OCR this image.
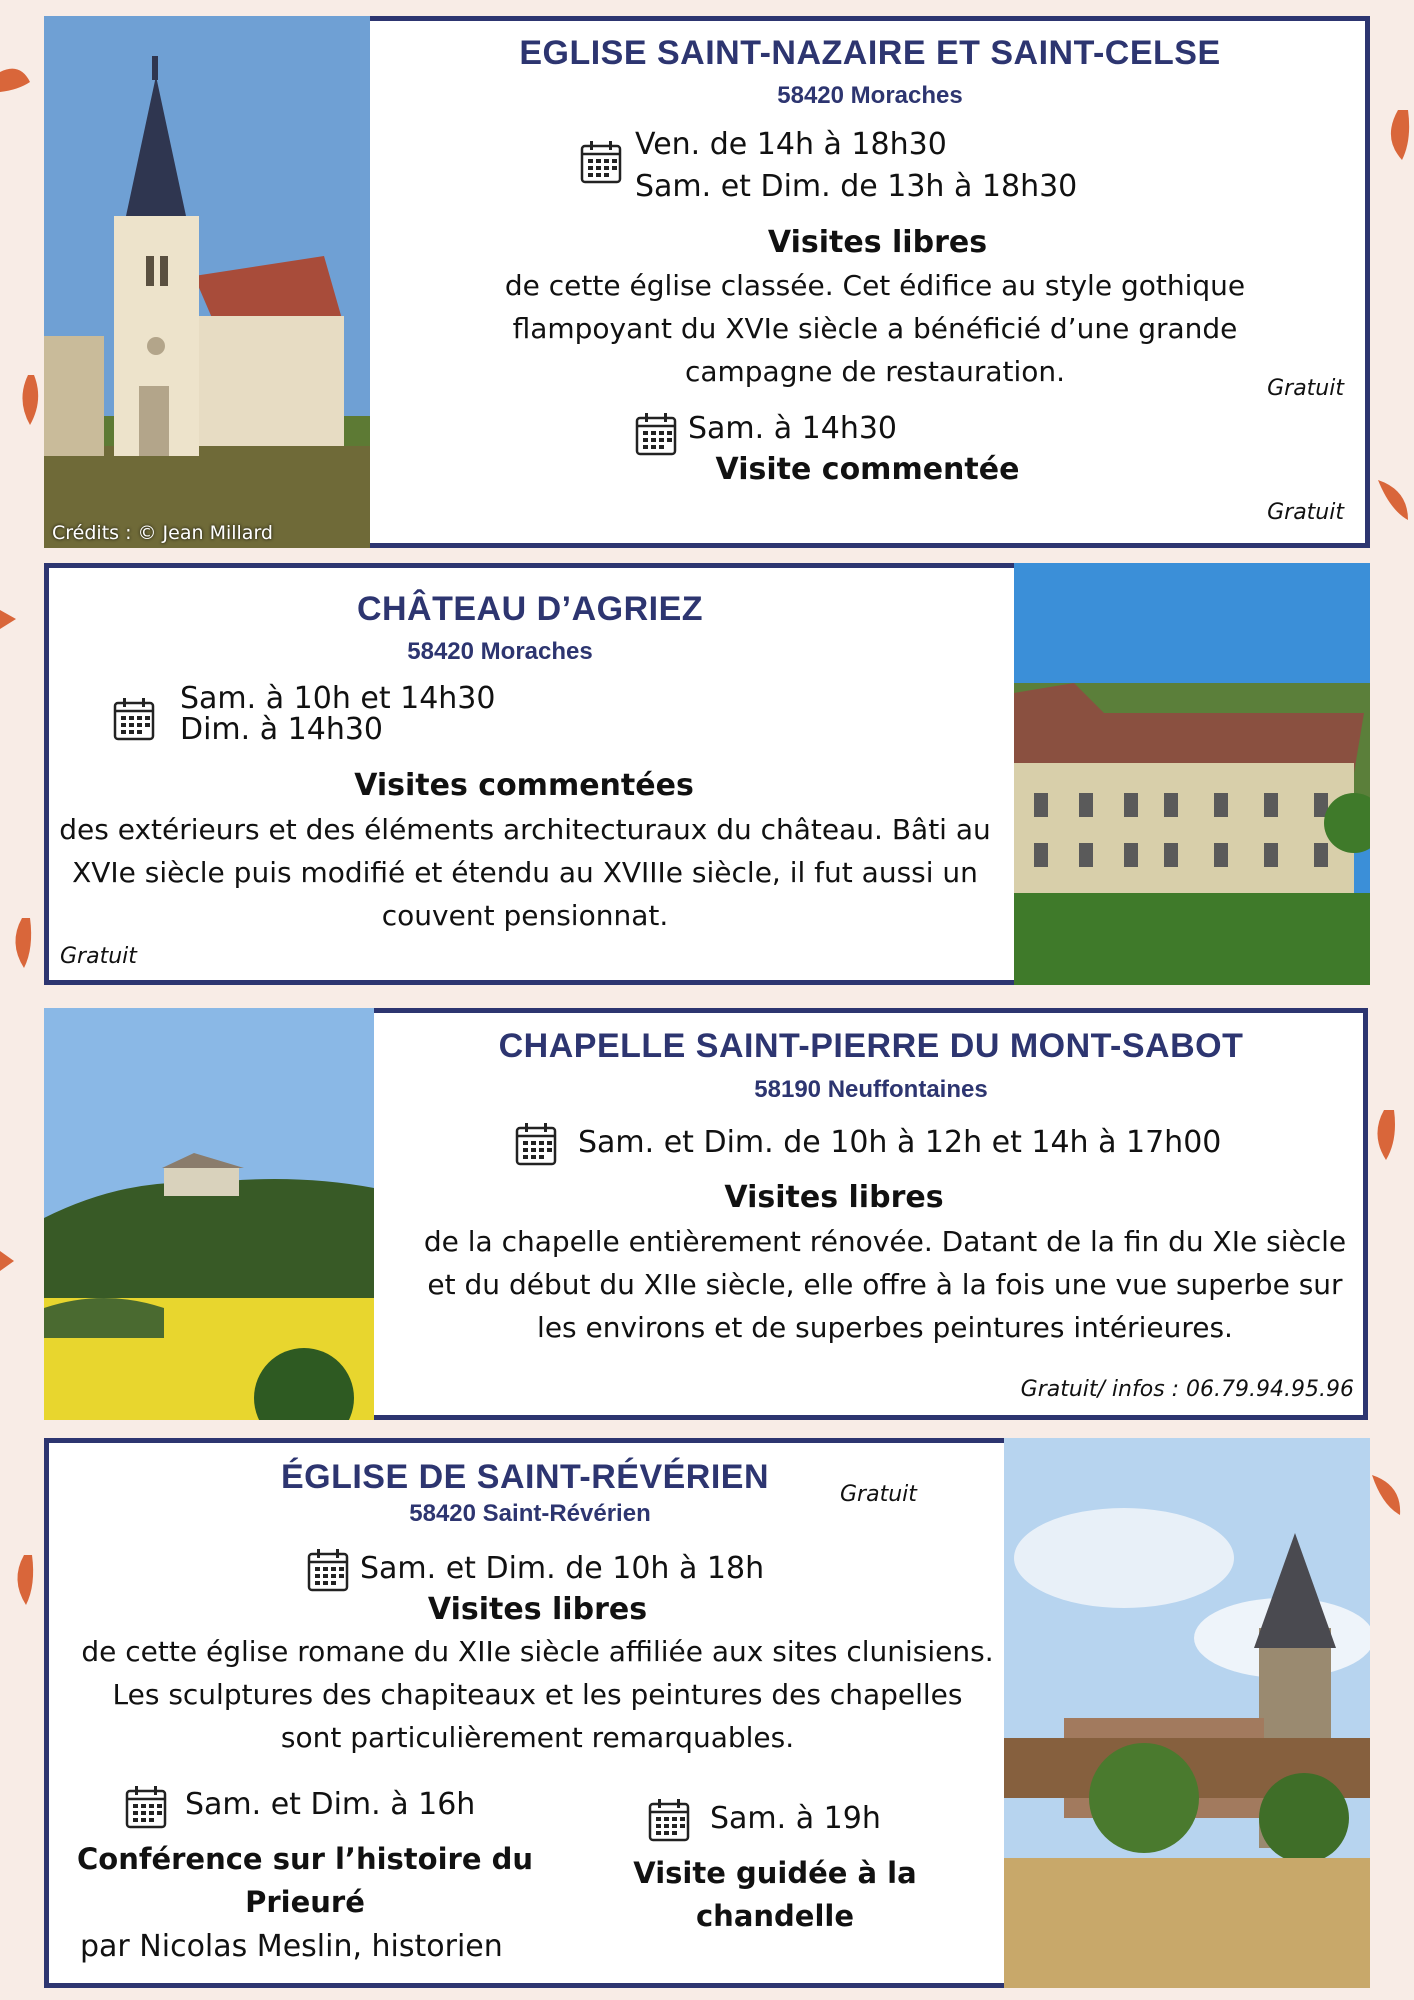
Crédits : © Jean Millard
EGLISE SAINT-NAZAIRE ET SAINT-CELSE
58420 Moraches
Ven. de 14h à 18h30
Sam. et Dim. de 13h à 18h30
Visites libres
de cette église classée. Cet édifice au style gothique flampoyant du XVIe siècle a bénéficié d’une grande campagne de restauration.
Gratuit
Sam. à 14h30
Visite commentée
Gratuit
CHÂTEAU D’AGRIEZ
58420 Moraches
Sam. à 10h et 14h30
Dim. à 14h30
Visites commentées
des extérieurs et des éléments architecturaux du château. Bâti au XVIe siècle puis modifié et étendu au XVIIIe siècle, il fut aussi un couvent pensionnat.
Gratuit
CHAPELLE SAINT-PIERRE DU MONT-SABOT
58190 Neuffontaines
Sam. et Dim. de 10h à 12h et 14h à 17h00
Visites libres
de la chapelle entièrement rénovée. Datant de la fin du XIe siècle et du début du XIIe siècle, elle offre à la fois une vue superbe sur les environs et de superbes peintures intérieures.
Gratuit/ infos : 06.79.94.95.96
ÉGLISE DE SAINT-RÉVÉRIEN	Gratuit
58420 Saint-Révérien
Sam. et Dim. de 10h à 18h
Visites libres
de cette église romane du XIIe siècle affiliée aux sites clunisiens. Les sculptures des chapiteaux et les peintures des chapelles sont particulièrement remarquables.
Sam. et Dim. à 16h
Conférence sur l’histoire du Prieuré
par Nicolas Meslin, historien
Sam. à 19h
Visite guidée à la chandelle
